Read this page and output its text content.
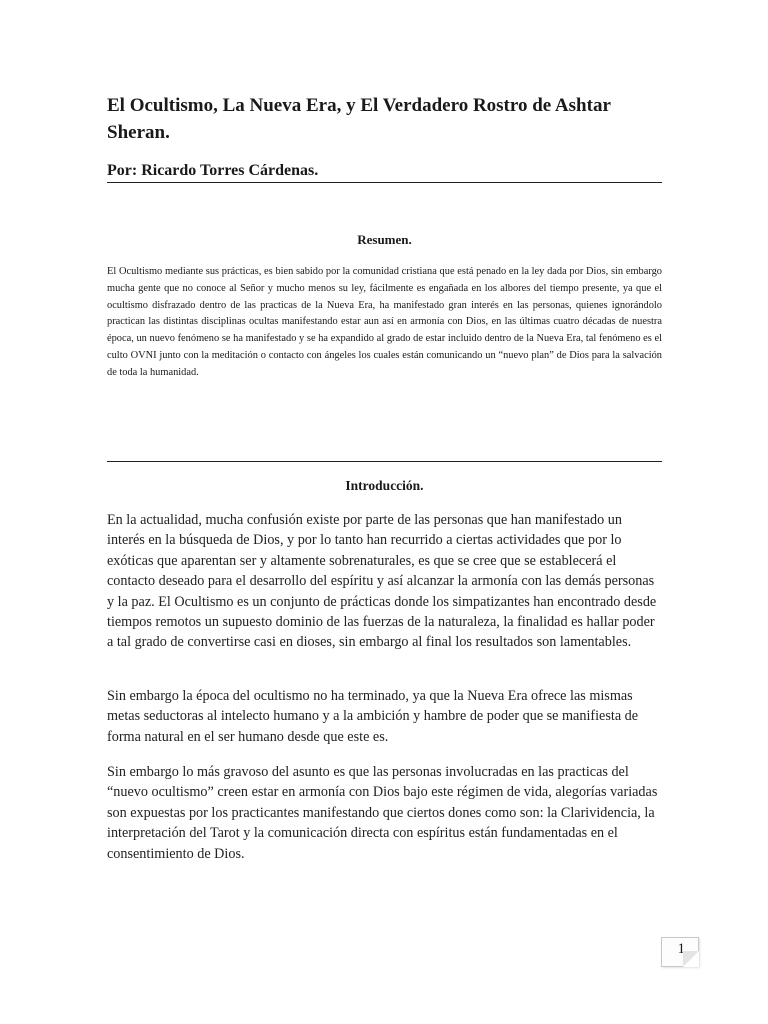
El Ocultismo, La Nueva Era, y El Verdadero Rostro de Ashtar Sheran.

Por: Ricardo Torres Cárdenas.

Resumen.

El Ocultismo mediante sus prácticas, es bien sabido por la comunidad cristiana que está penado en la ley dada por Dios, sin embargo mucha gente que no conoce al Señor y mucho menos su ley, fácilmente es engañada en los albores del tiempo presente, ya que el ocultismo disfrazado dentro de las practicas de la Nueva Era, ha manifestado gran interés en las personas, quienes ignorándolo practican las distintas disciplinas ocultas manifestando estar aun así en armonía con Dios, en las últimas cuatro décadas de nuestra época, un nuevo fenómeno se ha manifestado y se ha expandido al grado de estar incluido dentro de la Nueva Era, tal fenómeno es el culto OVNI junto con la meditación o contacto con ángeles los cuales están comunicando un “nuevo plan” de Dios para la salvación de toda la humanidad.

Introducción.

En la actualidad, mucha confusión existe por parte de las personas que han manifestado un interés en la búsqueda de Dios, y por lo tanto han recurrido a ciertas actividades que por lo exóticas que aparentan ser y altamente sobrenaturales, es que se cree que se establecerá el contacto deseado para el desarrollo del espíritu y así alcanzar la armonía con las demás personas y la paz. El Ocultismo es un conjunto de prácticas donde los simpatizantes han encontrado desde tiempos remotos un supuesto dominio de las fuerzas de la naturaleza, la finalidad es hallar poder a tal grado de convertirse casi en dioses, sin embargo al final los resultados son lamentables.

Sin embargo la época del ocultismo no ha terminado, ya que la Nueva Era ofrece las mismas metas seductoras al intelecto humano y a la ambición y hambre de poder que se manifiesta de forma natural en el ser humano desde que este es.

Sin embargo lo más gravoso del asunto es que las personas involucradas en las practicas del “nuevo ocultismo” creen estar en armonía con Dios bajo este régimen de vida, alegorías variadas son expuestas por los practicantes manifestando que ciertos dones como son: la Clarividencia, la interpretación del Tarot y la comunicación directa con espíritus están fundamentadas en el consentimiento de Dios.

1
